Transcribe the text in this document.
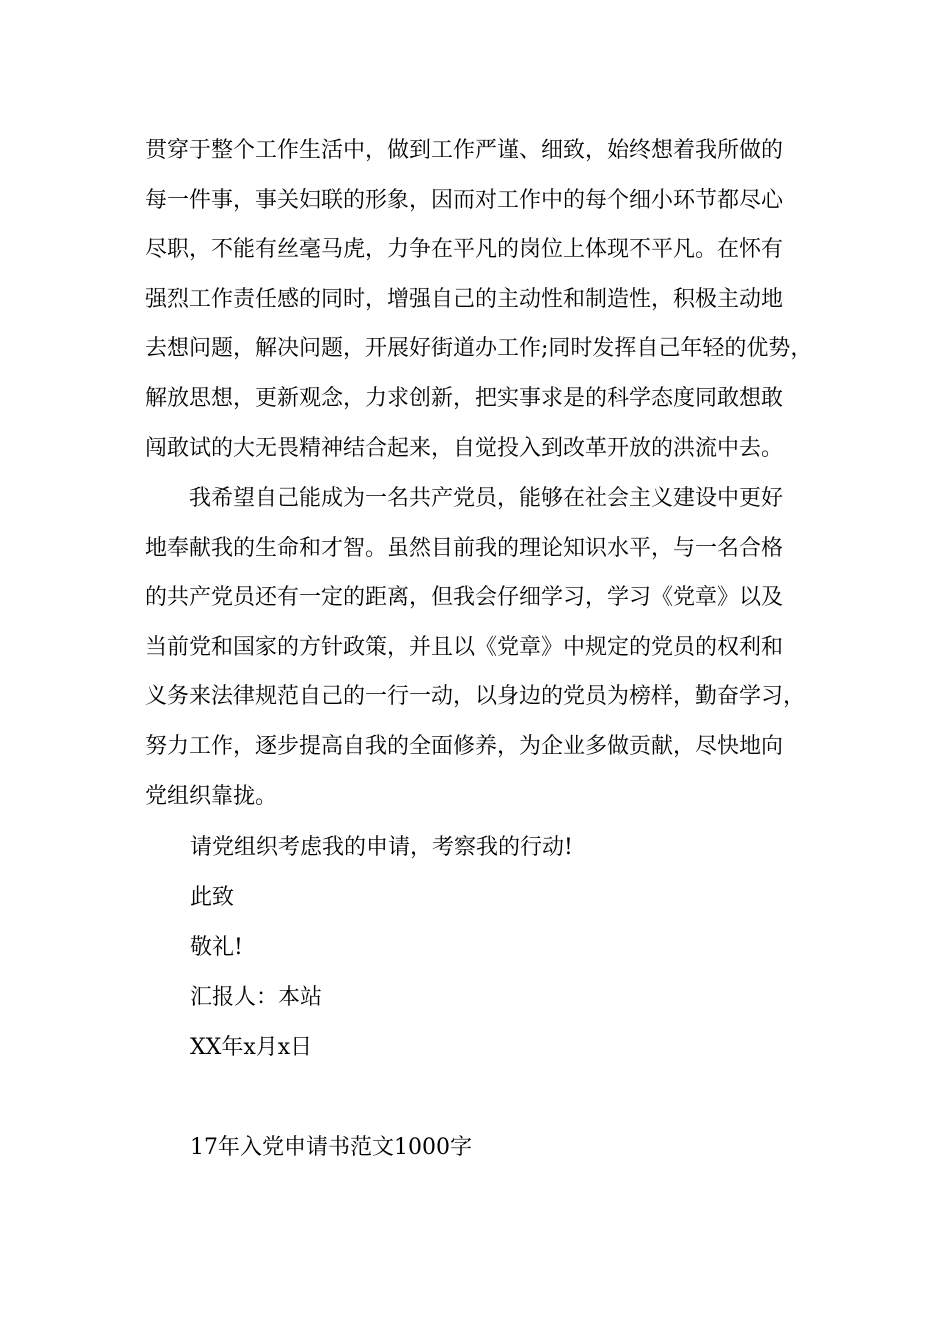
贯穿于整个工作生活中，做到工作严谨、细致，始终想着我所做的
每一件事，事关妇联的形象，因而对工作中的每个细小环节都尽心
尽职，不能有丝毫马虎，力争在平凡的岗位上体现不平凡。在怀有
强烈工作责任感的同时，增强自己的主动性和制造性，积极主动地
去想问题，解决问题，开展好街道办工作;同时发挥自己年轻的优势，
解放思想，更新观念，力求创新，把实事求是的科学态度同敢想敢
闯敢试的大无畏精神结合起来，自觉投入到改革开放的洪流中去。

　　我希望自己能成为一名共产党员，能够在社会主义建设中更好
地奉献我的生命和才智。虽然目前我的理论知识水平，与一名合格
的共产党员还有一定的距离，但我会仔细学习，学习《党章》以及
当前党和国家的方针政策，并且以《党章》中规定的党员的权利和
义务来法律规范自己的一行一动，以身边的党员为榜样，勤奋学习，
努力工作，逐步提高自我的全面修养，为企业多做贡献，尽快地向
党组织靠拢。

请党组织考虑我的申请，考察我的行动!

此致

敬礼!

汇报人：本站

XX年x月x日

17年入党申请书范文1000字
